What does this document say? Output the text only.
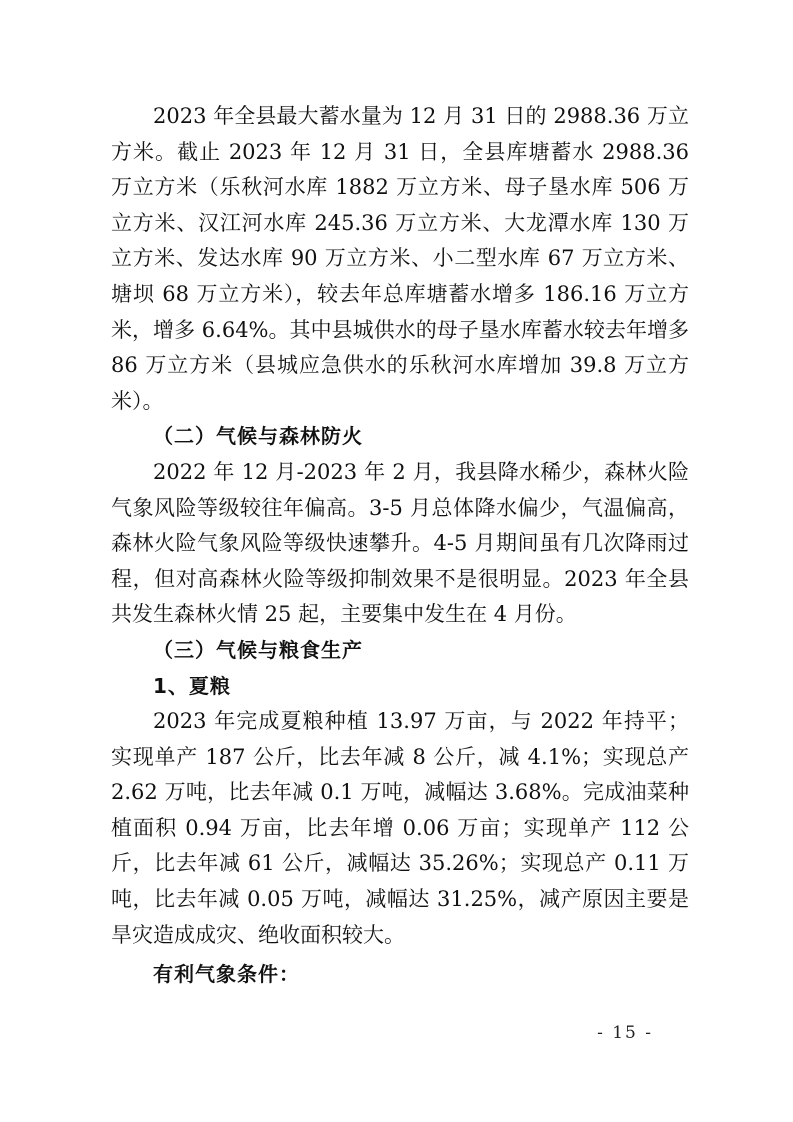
2023 年全县最大蓄水量为 12 月 31 日的 2988.36 万立方米。截止 2023 年 12 月 31 日，全县库塘蓄水 2988.36 万立方米（乐秋河水库 1882 万立方米、母子垦水库 506 万立方米、汉江河水库 245.36 万立方米、大龙潭水库 130 万立方米、发达水库 90 万立方米、小二型水库 67 万立方米、塘坝 68 万立方米），较去年总库塘蓄水增多 186.16 万立方米，增多 6.64%。其中县城供水的母子垦水库蓄水较去年增多 86 万立方米（县城应急供水的乐秋河水库增加 39.8 万立方米）。

（二）气候与森林防火

2022 年 12 月-2023 年 2 月，我县降水稀少，森林火险气象风险等级较往年偏高。3-5 月总体降水偏少，气温偏高，森林火险气象风险等级快速攀升。4-5 月期间虽有几次降雨过程，但对高森林火险等级抑制效果不是很明显。2023 年全县共发生森林火情 25 起，主要集中发生在 4 月份。

（三）气候与粮食生产

1、夏粮

2023 年完成夏粮种植 13.97 万亩，与 2022 年持平；实现单产 187 公斤，比去年减 8 公斤，减 4.1%；实现总产 2.62 万吨，比去年减 0.1 万吨，减幅达 3.68%。完成油菜种植面积 0.94 万亩，比去年增 0.06 万亩；实现单产 112 公斤，比去年减 61 公斤，减幅达 35.26%；实现总产 0.11 万吨，比去年减 0.05 万吨，减幅达 31.25%，减产原因主要是旱灾造成成灾、绝收面积较大。

有利气象条件：

- 15 -
